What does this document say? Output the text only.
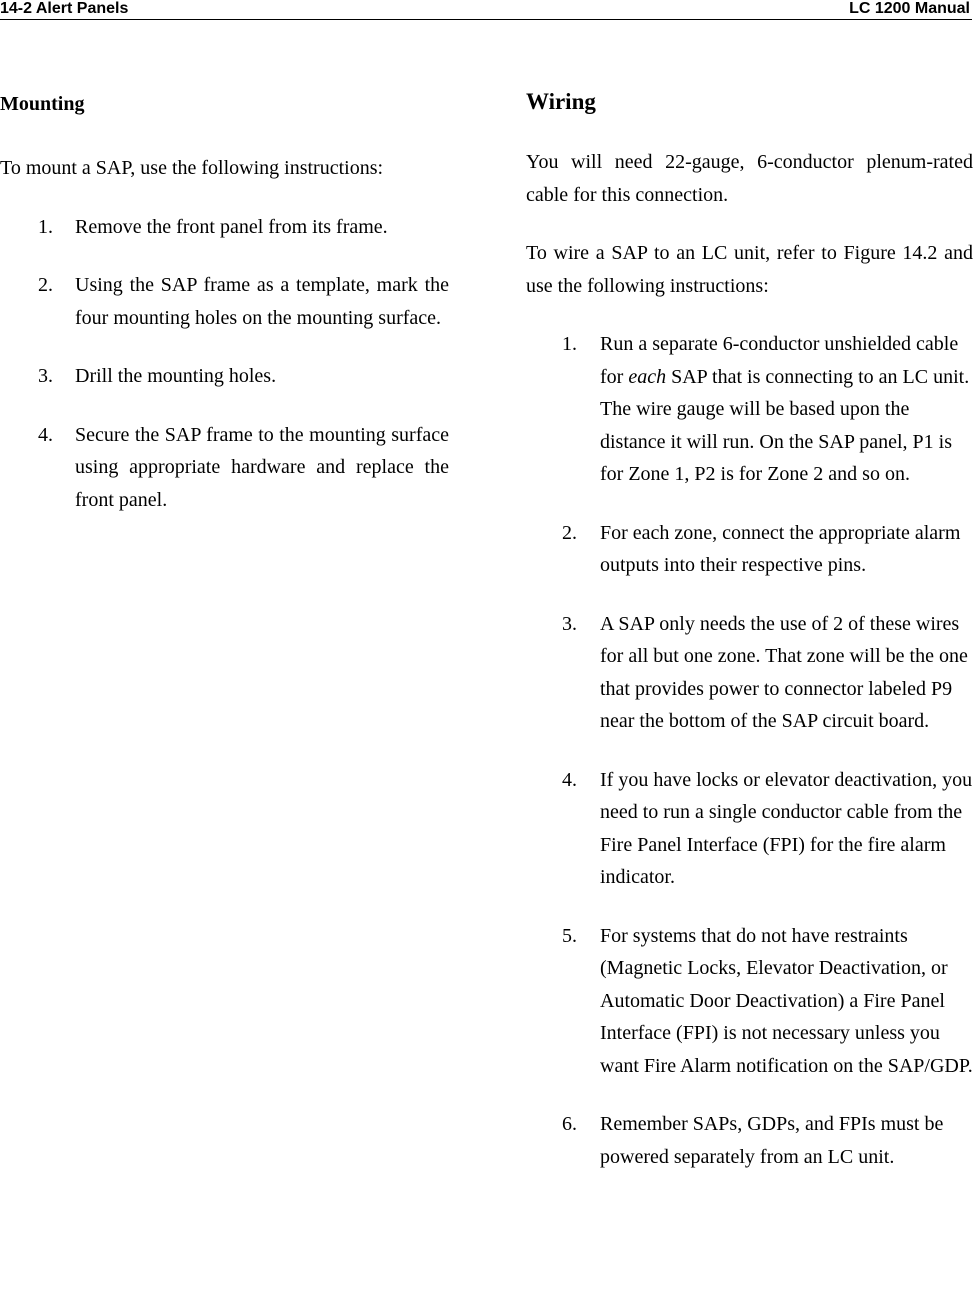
14-2 Alert Panels	LC 1200 Manual
Mounting

To mount a SAP, use the following instructions:

1. Remove the front panel from its frame.
2. Using the SAP frame as a template, mark the four mounting holes on the mounting surface.
3. Drill the mounting holes.
4. Secure the SAP frame to the mounting surface using appropriate hardware and replace the front panel.
Wiring

You will need 22-gauge, 6-conductor plenum-rated cable for this connection.

To wire a SAP to an LC unit, refer to Figure 14.2 and use the following instructions:

1. Run a separate 6-conductor unshielded cable for each SAP that is connecting to an LC unit. The wire gauge will be based upon the distance it will run. On the SAP panel, P1 is for Zone 1, P2 is for Zone 2 and so on.
2. For each zone, connect the appropriate alarm outputs into their respective pins.
3. A SAP only needs the use of 2 of these wires for all but one zone. That zone will be the one that provides power to connector labeled P9 near the bottom of the SAP circuit board.
4. If you have locks or elevator deactivation, you need to run a single conductor cable from the Fire Panel Interface (FPI) for the fire alarm indicator.
5. For systems that do not have restraints (Magnetic Locks, Elevator Deactivation, or Automatic Door Deactivation) a Fire Panel Interface (FPI) is not necessary unless you want Fire Alarm notification on the SAP/GDP.
6. Remember SAPs, GDPs, and FPIs must be powered separately from an LC unit.
